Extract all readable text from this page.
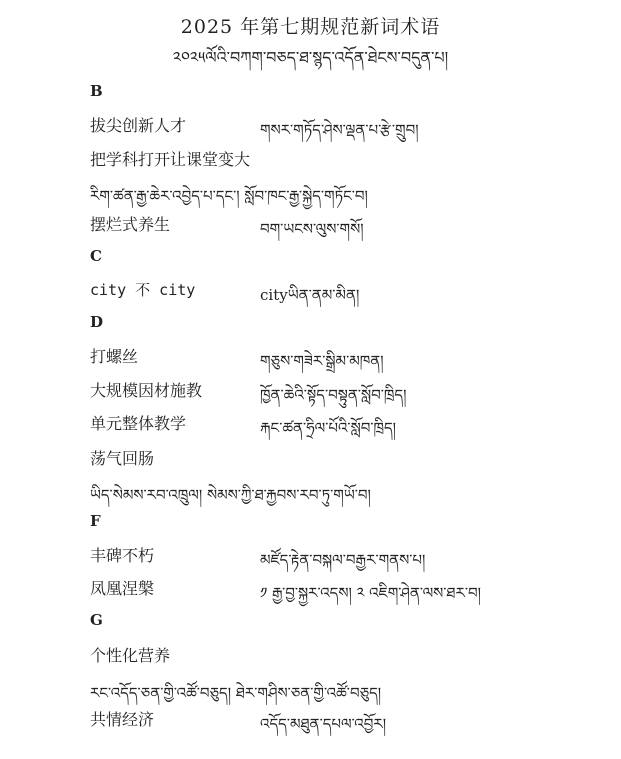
2025 年第七期规范新词术语
༢༠༢༥ལོའི་བཀག་བཅད་ཐ་སྙད་འདོན་ཐེངས་བདུན་པ།
B
拔尖创新人才	གསར་གཏོད་ཤེས་ལྡན་པ་རྩེ་གྲུབ།
把学科打开让课堂变大
རིག་ཚན་རྒྱ་ཆེར་འབྱེད་པ་དང་། སློབ་ཁང་རྒྱ་སྐྱེད་གཏོང་བ།
摆烂式养生	བག་ཡངས་ལུས་གསོ།
C
city 不 city	cityཡིན་ནམ་མིན།
D
打螺丝	གཅུས་གཟེར་སྒྲིམ་མཁན།
大规模因材施教	ཁྱོན་ཆེའི་སྟོད་བསྟུན་སློབ་ཁྲིད།
单元整体教学	རྐང་ཚན་ཧྲིལ་པོའི་སློབ་ཁྲིད།
荡气回肠
ཡིད་སེམས་རབ་འཁྲུལ། སེམས་ཀྱི་ཐ་རྐྱབས་རབ་ཏུ་གཡོ་བ།
F
丰碑不朽	མཛོད་རྟེན་བསྐལ་བརྒྱར་གནས་པ།
凤凰涅槃	༡ རྒྱ་བྱ་སྐྱར་འདས། ༢ འཇིག་ཤེན་ལས་ཐར་བ།
G
个性化营养
རང་འདོད་ཅན་གྱི་འཚོ་བཅུད། ཐེར་གཤིས་ཅན་གྱི་འཚོ་བཅུད།
共情经济	འདོད་མཐུན་དཔལ་འབྱོར།
